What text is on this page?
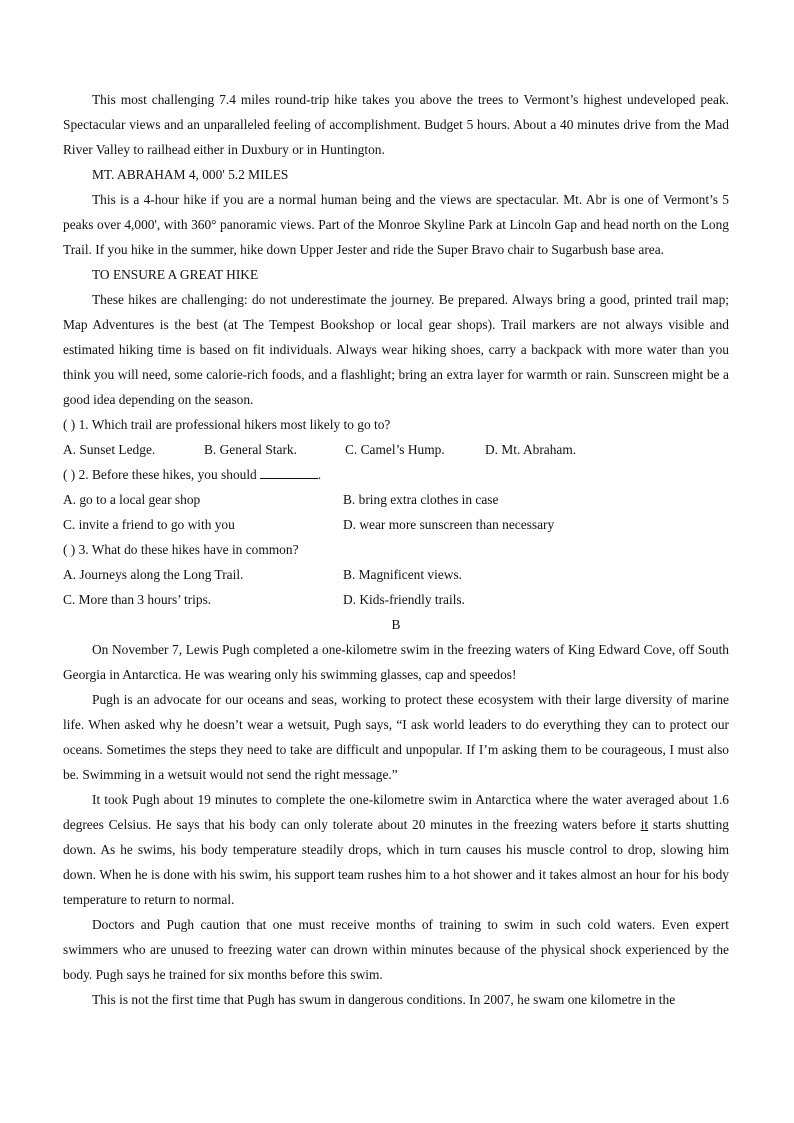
This most challenging 7.4 miles round-trip hike takes you above the trees to Vermont’s highest undeveloped peak. Spectacular views and an unparalleled feeling of accomplishment. Budget 5 hours. About a 40 minutes drive from the Mad River Valley to railhead either in Duxbury or in Huntington.

MT. ABRAHAM 4, 000' 5.2 MILES

This is a 4-hour hike if you are a normal human being and the views are spectacular. Mt. Abr is one of Vermont’s 5 peaks over 4,000', with 360° panoramic views. Part of the Monroe Skyline Park at Lincoln Gap and head north on the Long Trail. If you hike in the summer, hike down Upper Jester and ride the Super Bravo chair to Sugarbush base area.

TO ENSURE A GREAT HIKE

These hikes are challenging: do not underestimate the journey. Be prepared. Always bring a good, printed trail map; Map Adventures is the best (at The Tempest Bookshop or local gear shops). Trail markers are not always visible and estimated hiking time is based on fit individuals. Always wear hiking shoes, carry a backpack with more water than you think you will need, some calorie-rich foods, and a flashlight; bring an extra layer for warmth or rain. Sunscreen might be a good idea depending on the season.

( ) 1. Which trail are professional hikers most likely to go to?

A. Sunset Ledge.	B. General Stark.	C. Camel’s Hump.	D. Mt. Abraham.

( ) 2. Before these hikes, you should	.

A. go to a local gear shop	B. bring extra clothes in case
C. invite a friend to go with you	D. wear more sunscreen than necessary

( ) 3. What do these hikes have in common?

A. Journeys along the Long Trail.	B. Magnificent views.
C. More than 3 hours’ trips.	D. Kids-friendly trails.

B

On November 7, Lewis Pugh completed a one-kilometre swim in the freezing waters of King Edward Cove, off South Georgia in Antarctica. He was wearing only his swimming glasses, cap and speedos!

Pugh is an advocate for our oceans and seas, working to protect these ecosystem with their large diversity of marine life. When asked why he doesn’t wear a wetsuit, Pugh says, “I ask world leaders to do everything they can to protect our oceans. Sometimes the steps they need to take are difficult and unpopular. If I’m asking them to be courageous, I must also be. Swimming in a wetsuit would not send the right message.”

It took Pugh about 19 minutes to complete the one-kilometre swim in Antarctica where the water averaged about 1.6 degrees Celsius. He says that his body can only tolerate about 20 minutes in the freezing waters before it starts shutting down. As he swims, his body temperature steadily drops, which in turn causes his muscle control to drop, slowing him down. When he is done with his swim, his support team rushes him to a hot shower and it takes almost an hour for his body temperature to return to normal.

Doctors and Pugh caution that one must receive months of training to swim in such cold waters. Even expert swimmers who are unused to freezing water can drown within minutes because of the physical shock experienced by the body. Pugh says he trained for six months before this swim.

This is not the first time that Pugh has swum in dangerous conditions. In 2007, he swam one kilometre in the
